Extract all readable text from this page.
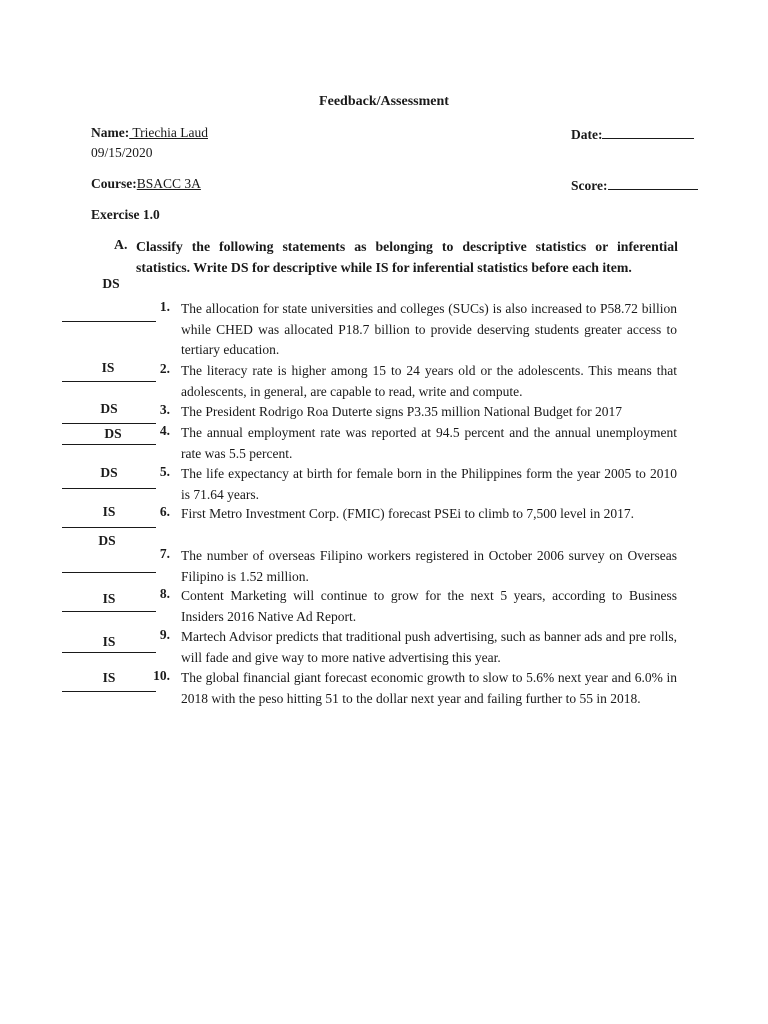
Feedback/Assessment
Name: Triechia Laud	Date:
09/15/2020
Course:BSACC 3A	Score:
Exercise 1.0
A. Classify the following statements as belonging to descriptive statistics or inferential statistics. Write DS for descriptive while IS for inferential statistics before each item.
DS
1. The allocation for state universities and colleges (SUCs) is also increased to P58.72 billion while CHED was allocated P18.7 billion to provide deserving students greater access to tertiary education.
IS	2. The literacy rate is higher among 15 to 24 years old or the adolescents. This means that adolescents, in general, are capable to read, write and compute.
DS	3. The President Rodrigo Roa Duterte signs P3.35 million National Budget for 2017
DS	4. The annual employment rate was reported at 94.5 percent and the annual unemployment rate was 5.5 percent.
DS	5. The life expectancy at birth for female born in the Philippines form the year 2005 to 2010 is 71.64 years.
IS	6. First Metro Investment Corp. (FMIC) forecast PSEi to climb to 7,500 level in 2017.
DS
7. The number of overseas Filipino workers registered in October 2006 survey on Overseas Filipino is 1.52 million.
IS	8. Content Marketing will continue to grow for the next 5 years, according to Business Insiders 2016 Native Ad Report.
IS	9. Martech Advisor predicts that traditional push advertising, such as banner ads and pre rolls, will fade and give way to more native advertising this year.
IS	10. The global financial giant forecast economic growth to slow to 5.6% next year and 6.0% in 2018 with the peso hitting 51 to the dollar next year and failing further to 55 in 2018.
